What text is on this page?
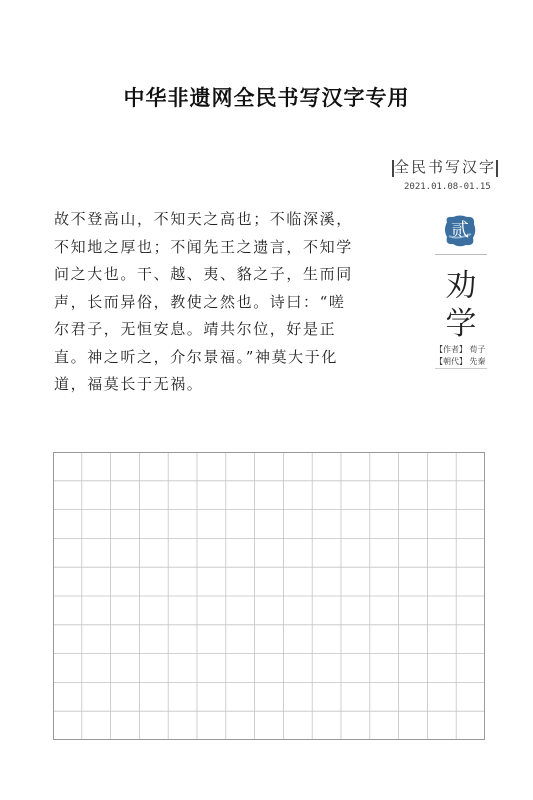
中华非遗网全民书写汉字专用
全民书写汉字
2021.01.08-01.15
故不登高山，不知天之高也；不临深溪，
不知地之厚也；不闻先王之遗言，不知学
问之大也。干、越、夷、貉之子，生而同
声，长而异俗，教使之然也。诗曰：“嗟
尔君子，无恒安息。靖共尔位，好是正
直。神之听之，介尔景福。”神莫大于化
道，福莫长于无祸。
贰
劝
学
【作者】 荀子
【朝代】 先秦
